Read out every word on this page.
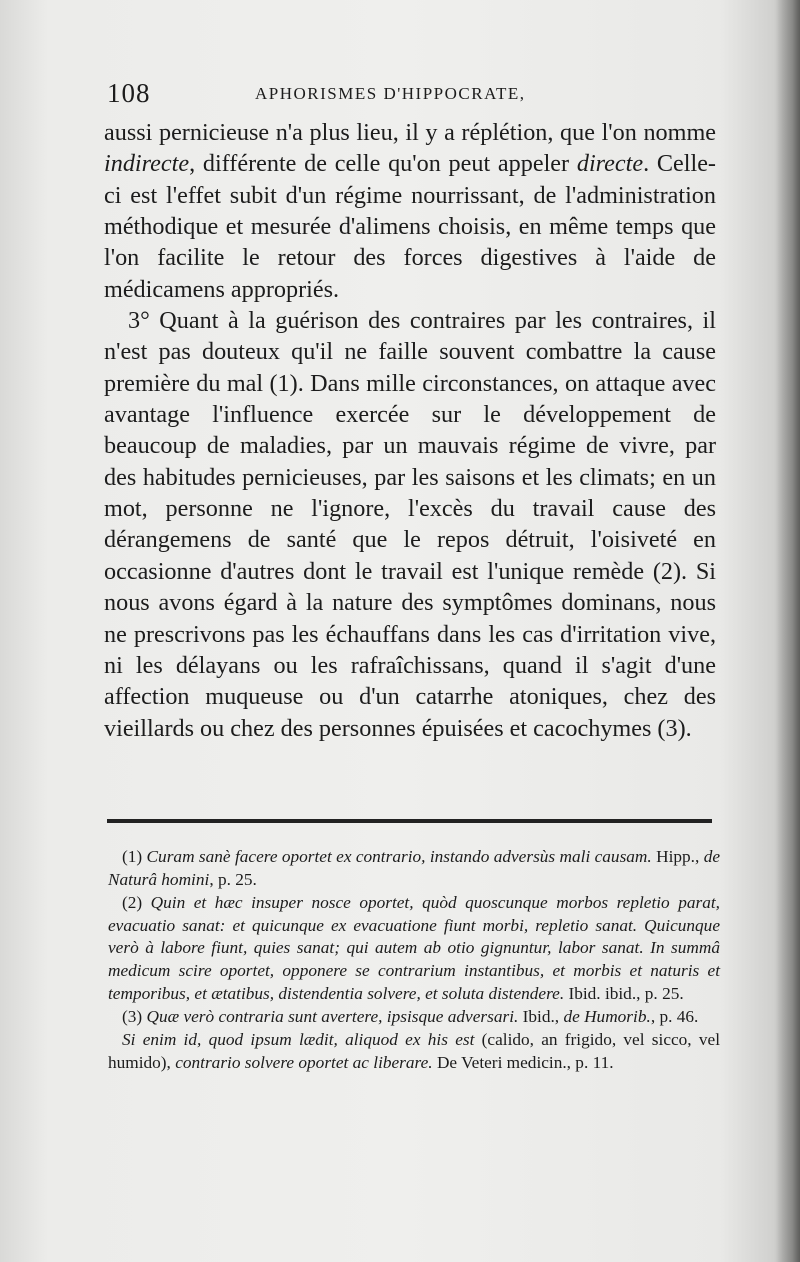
108	APHORISMES D'HIPPOCRATE,

aussi pernicieuse n'a plus lieu, il y a réplétion, que l'on nomme indirecte, différente de celle qu'on peut appeler directe. Celle-ci est l'effet subit d'un régime nourrissant, de l'administration méthodique et mesurée d'alimens choisis, en même temps que l'on facilite le retour des forces digestives à l'aide de médicamens appropriés.

3° Quant à la guérison des contraires par les contraires, il n'est pas douteux qu'il ne faille souvent combattre la cause première du mal (1). Dans mille circonstances, on attaque avec avantage l'influence exercée sur le développement de beaucoup de maladies, par un mauvais régime de vivre, par des habitudes pernicieuses, par les saisons et les climats; en un mot, personne ne l'ignore, l'excès du travail cause des dérangemens de santé que le repos détruit, l'oisiveté en occasionne d'autres dont le travail est l'unique remède (2). Si nous avons égard à la nature des symptômes dominans, nous ne prescrivons pas les échauffans dans les cas d'irritation vive, ni les délayans ou les rafraîchissans, quand il s'agit d'une affection muqueuse ou d'un catarrhe atoniques, chez des vieillards ou chez des personnes épuisées et cacochymes (3).

(1) Curam sanè facere oportet ex contrario, instando adversùs mali causam. Hipp., de Naturâ homini, p. 25.

(2) Quin et hæc insuper nosce oportet, quòd quoscunque morbos repletio parat, evacuatio sanat: et quicunque ex evacuatione fiunt morbi, repletio sanat. Quicunque verò à labore fiunt, quies sanat; qui autem ab otio gignuntur, labor sanat. In summâ medicum scire oportet, opponere se contrarium instantibus, et morbis et naturis et temporibus, et ætatibus, distendentia solvere, et soluta distendere. Ibid. ibid., p. 25.

(3) Quæ verò contraria sunt avertere, ipsisque adversari. Ibid., de Humorib., p. 46.

Si enim id, quod ipsum lædit, aliquod ex his est (calido, an frigido, vel sicco, vel humido), contrario solvere oportet ac liberare. De Veteri medicin., p. 11.
